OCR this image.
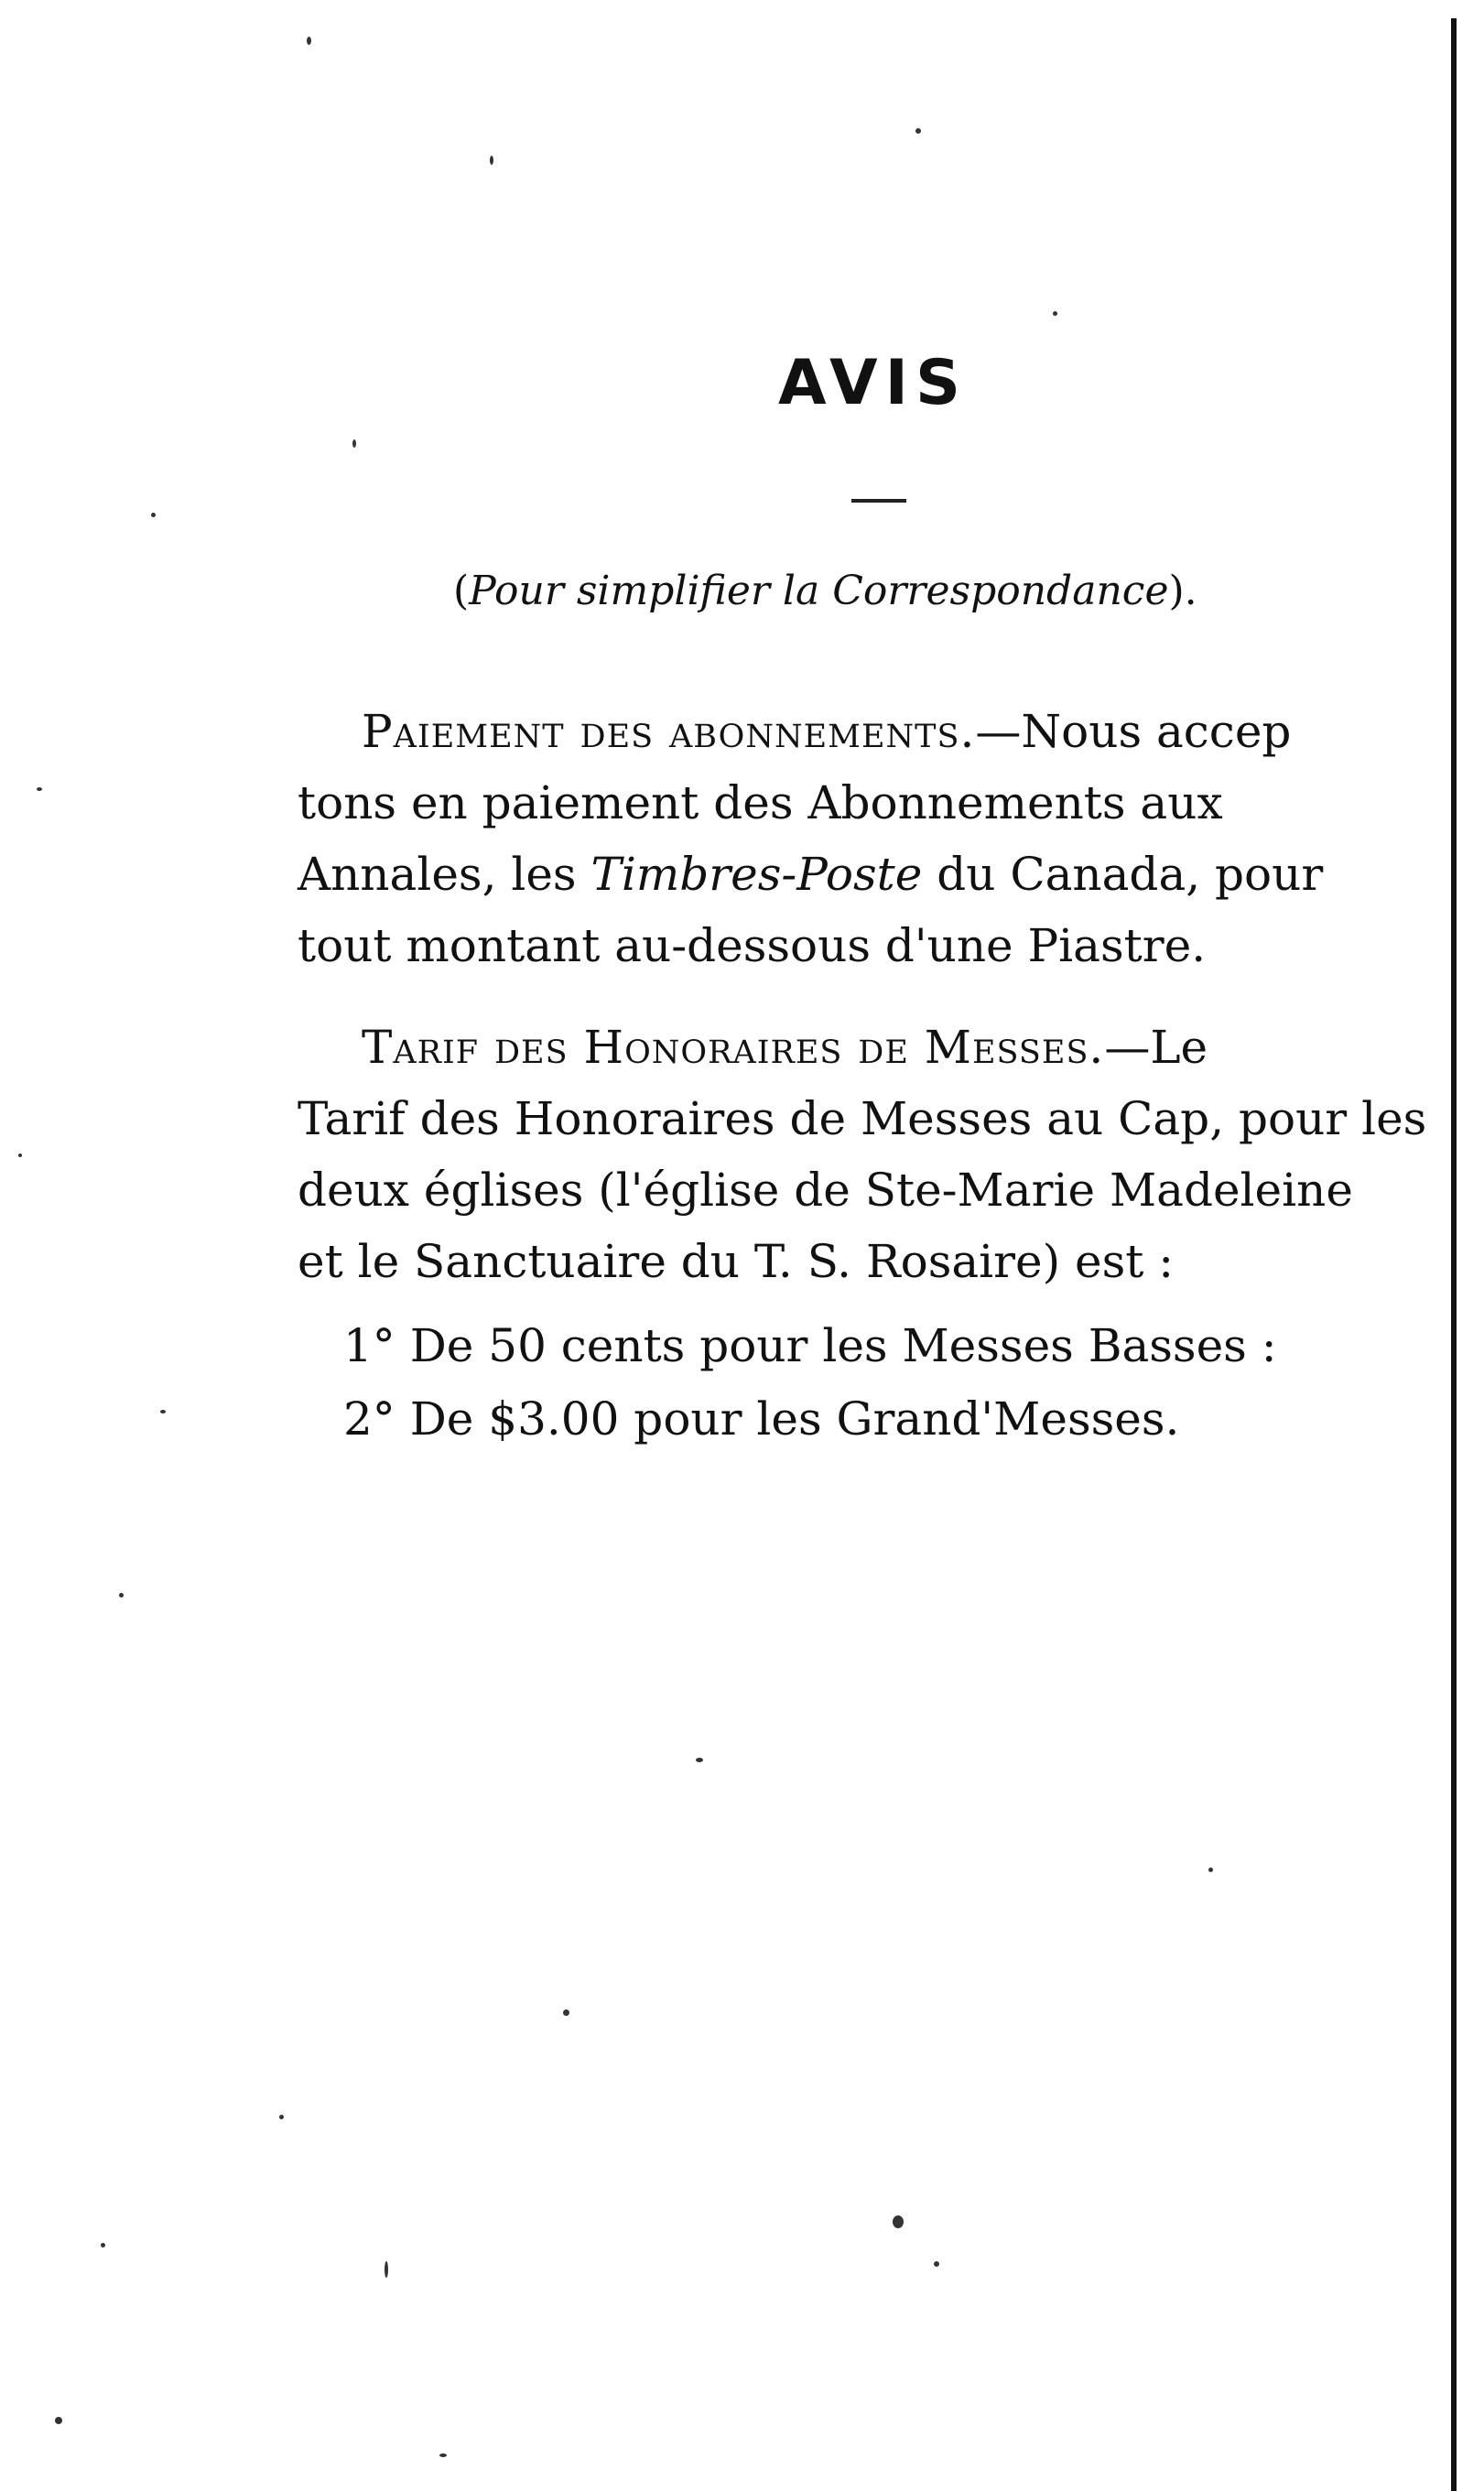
AVIS
(Pour simplifier la Correspondance).
Paiement des abonnements.—Nous accep
tons en paiement des Abonnements aux
Annales, les Timbres-Poste du Canada, pour
tout montant au-dessous d'une Piastre.
Tarif des Honoraires de Messes.—Le
Tarif des Honoraires de Messes au Cap, pour les
deux églises (l'église de Ste-Marie Madeleine
et le Sanctuaire du T. S. Rosaire) est :
1° De 50 cents pour les Messes Basses :
2° De $3.00 pour les Grand'Messes.
